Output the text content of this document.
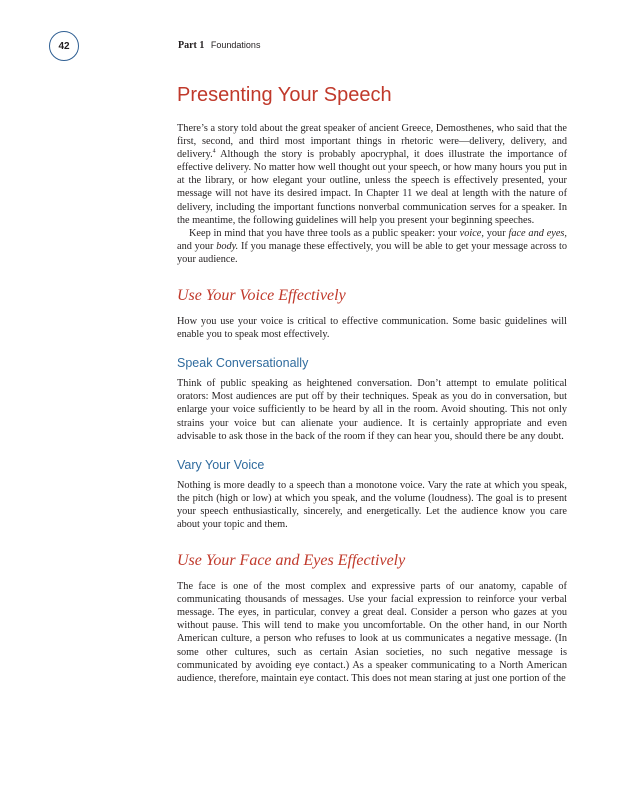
42	Part 1 Foundations
Presenting Your Speech

There’s a story told about the great speaker of ancient Greece, Demosthenes, who said that the first, second, and third most important things in rhetoric were—delivery, delivery, and delivery.$^4$ Although the story is probably apocryphal, it does illustrate the importance of effective delivery. No matter how well thought out your speech, or how many hours you put in at the library, or how elegant your outline, unless the speech is effectively presented, your message will not have its desired impact. In Chapter 11 we deal at length with the nature of delivery, including the important functions nonverbal communication serves for a speaker. In the meantime, the following guidelines will help you present your beginning speeches.

Keep in mind that you have three tools as a public speaker: your voice, your face and eyes, and your body. If you manage these effectively, you will be able to get your message across to your audience.

Use Your Voice Effectively

How you use your voice is critical to effective communication. Some basic guidelines will enable you to speak most effectively.

Speak Conversationally

Think of public speaking as heightened conversation. Don’t attempt to emulate political orators: Most audiences are put off by their techniques. Speak as you do in conversation, but enlarge your voice sufficiently to be heard by all in the room. Avoid shouting. This not only strains your voice but can alienate your audience. It is certainly appropriate and even advisable to ask those in the back of the room if they can hear you, should there be any doubt.

Vary Your Voice

Nothing is more deadly to a speech than a monotone voice. Vary the rate at which you speak, the pitch (high or low) at which you speak, and the volume (loudness). The goal is to present your speech enthusiastically, sincerely, and energetically. Let the audience know you care about your topic and them.

Use Your Face and Eyes Effectively

The face is one of the most complex and expressive parts of our anatomy, capable of communicating thousands of messages. Use your facial expression to reinforce your verbal message. The eyes, in particular, convey a great deal. Consider a person who gazes at you without pause. This will tend to make you uncomfortable. On the other hand, in our North American culture, a person who refuses to look at us communicates a negative message. (In some other cultures, such as certain Asian societies, no such negative message is communicated by avoiding eye contact.) As a speaker communicating to a North American audience, therefore, maintain eye contact. This does not mean staring at just one portion of the
